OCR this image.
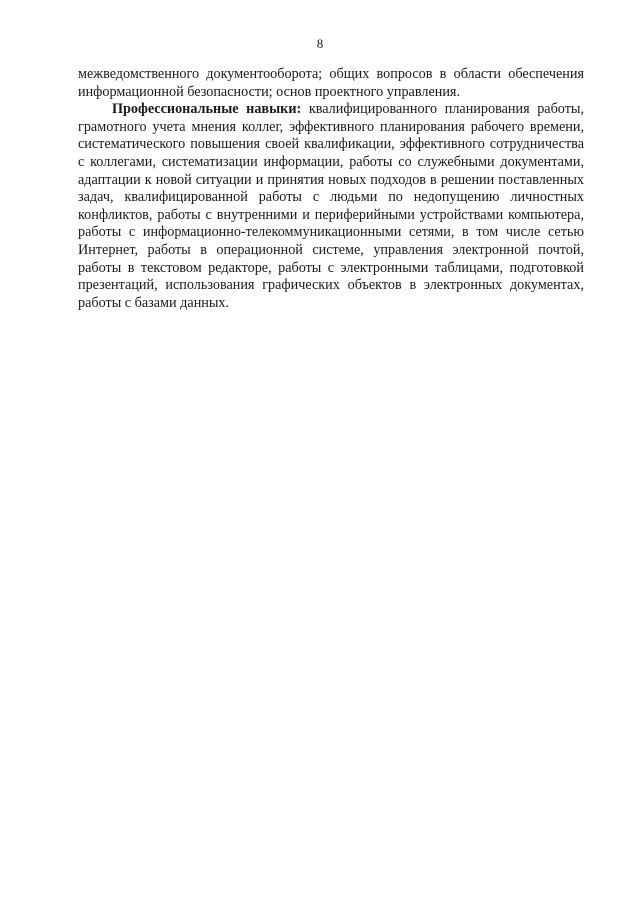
8

межведомственного документооборота; общих вопросов в области обеспечения информационной безопасности; основ проектного управления.

Профессиональные навыки: квалифицированного планирования работы, грамотного учета мнения коллег, эффективного планирования рабочего времени, систематического повышения своей квалификации, эффективного сотрудничества с коллегами, систематизации информации, работы со служебными документами, адаптации к новой ситуации и принятия новых подходов в решении поставленных задач, квалифицированной работы с людьми по недопущению личностных конфликтов, работы с внутренними и периферийными устройствами компьютера, работы с информационно-телекоммуникационными сетями, в том числе сетью Интернет, работы в операционной системе, управления электронной почтой, работы в текстовом редакторе, работы с электронными таблицами, подготовкой презентаций, использования графических объектов в электронных документах, работы с базами данных.
